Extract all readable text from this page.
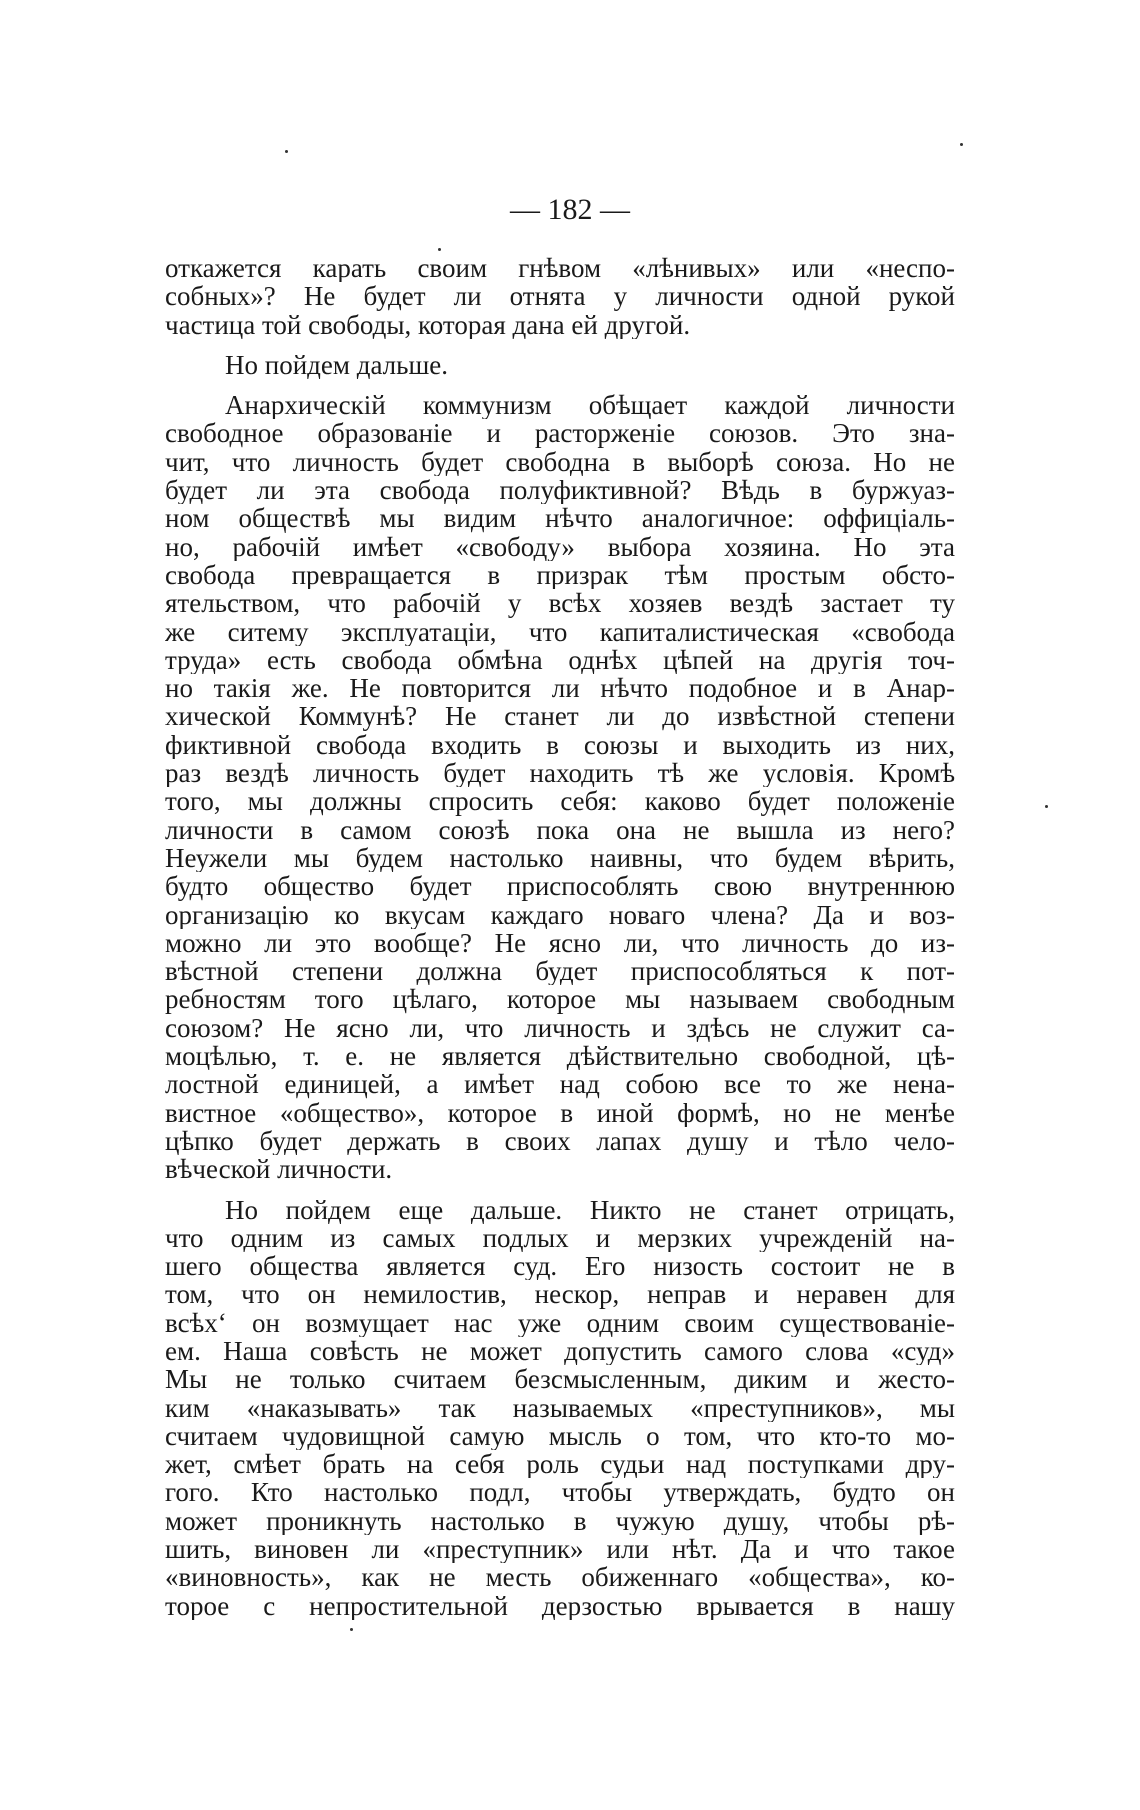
— 182 —
откажется карать своим гнѣвом «лѣнивых» или «неспо-
собных»? Не будет ли отнята у личности одной рукой
частица той свободы, которая дана ей другой.
Но пойдем дальше.
Анархическій коммунизм обѣщает каждой личности
свободное образованіе и расторженіе союзов. Это зна-
чит, что личность будет свободна в выборѣ союза. Но не
будет ли эта свобода полуфиктивной? Вѣдь в буржуаз-
ном обществѣ мы видим нѣчто аналогичное: оффиціаль-
но, рабочій имѣет «свободу» выбора хозяина. Но эта
свобода превращается в призрак тѣм простым обсто-
ятельством, что рабочій у всѣх хозяев вездѣ застает ту
же ситему эксплуатаціи, что капиталистическая «свобода
труда» есть свобода обмѣна однѣх цѣпей на другія точ-
но такія же. Не повторится ли нѣчто подобное и в Анар-
хической Коммунѣ? Не станет ли до извѣстной степени
фиктивной свобода входить в союзы и выходить из них,
раз вездѣ личность будет находить тѣ же условія. Кромѣ
того, мы должны спросить себя: каково будет положеніе
личности в самом союзѣ пока она не вышла из него?
Неужели мы будем настолько наивны, что будем вѣрить,
будто общество будет приспособлять свою внутреннюю
организацію ко вкусам каждаго новаго члена? Да и воз-
можно ли это вообще? Не ясно ли, что личность до из-
вѣстной степени должна будет приспособляться к пот-
ребностям того цѣлаго, которое мы называем свободным
союзом? Не ясно ли, что личность и здѣсь не служит са-
моцѣлью, т. е. не является дѣйствительно свободной, цѣ-
лостной единицей, а имѣет над собою все то же нена-
вистное «общество», которое в иной формѣ, но не менѣе
цѣпко будет держать в своих лапах душу и тѣло чело-
вѣческой личности.
Но пойдем еще дальше. Никто не станет отрицать,
что одним из самых подлых и мерзких учрежденій на-
шего общества является суд. Его низость состоит не в
том, что он немилостив, нескор, неправ и неравен для
всѣх‘ он возмущает нас уже одним своим существованіе-
ем. Наша совѣсть не может допустить самого слова «суд»
Мы не только считаем безсмысленным, диким и жесто-
ким «наказывать» так называемых «преступников», мы
считаем чудовищной самую мысль о том, что кто-то мо-
жет, смѣет брать на себя роль судьи над поступками дру-
гого. Кто настолько подл, чтобы утверждать, будто он
может проникнуть настолько в чужую душу, чтобы рѣ-
шить, виновен ли «преступник» или нѣт. Да и что такое
«виновность», как не месть обиженнаго «общества», ко-
торое с непростительной дерзостью врывается в нашу
